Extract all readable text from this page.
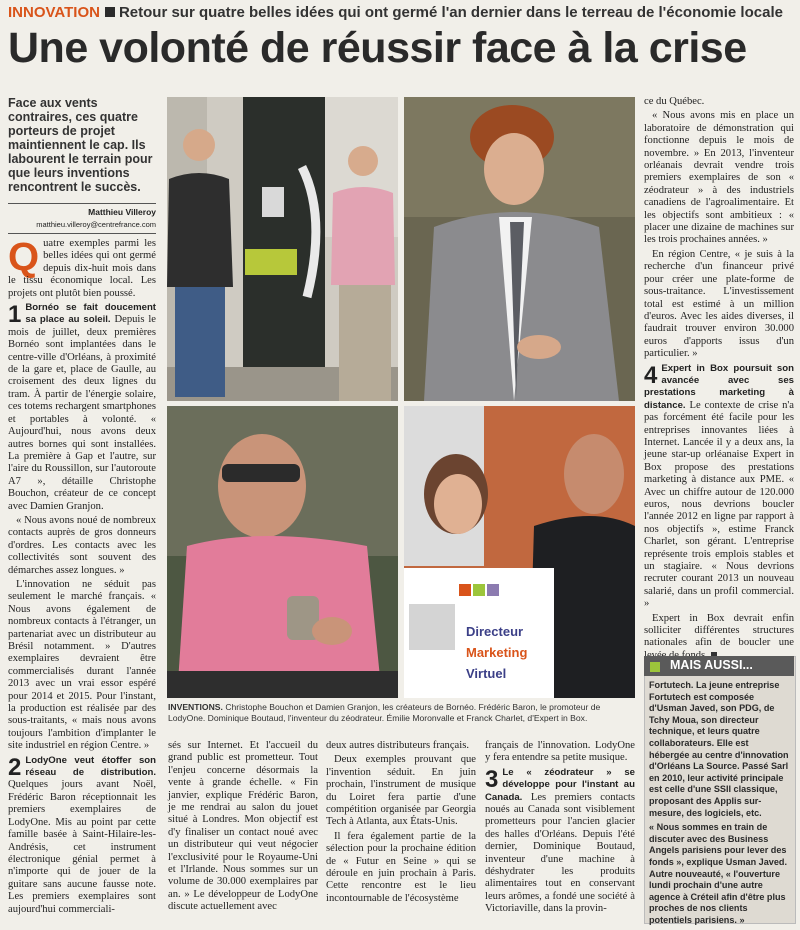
INNOVATION Retour sur quatre belles idées qui ont germé l'an dernier dans le terreau de l'économie locale
Une volonté de réussir face à la crise
Face aux vents contraires, ces quatre porteurs de projet maintiennent le cap. Ils labourent le terrain pour que leurs inventions rencontrent le succès.
Matthieu Villeroy
matthieu.villeroy@centrefrance.com

Quatre exemples parmi les belles idées qui ont germé depuis dix-huit mois dans le tissu économique local. Les projets ont plutôt bien poussé.

1 Bornéo se fait doucement sa place au soleil. Depuis le mois de juillet, deux premières Bornéo sont implantées dans le centre-ville d'Orléans, à proximité de la gare et, place de Gaulle, au croisement des deux lignes du tram. À partir de l'énergie solaire, ces totems rechargent smartphones et portables à volonté. « Aujourd'hui, nous avons deux autres bornes qui sont installées. La première à Gap et l'autre, sur l'aire du Roussillon, sur l'autoroute A7 », détaille Christophe Bouchon, créateur de ce concept avec Damien Granjon.

« Nous avons noué de nombreux contacts auprès de gros donneurs d'ordres. Les contacts avec les collectivités sont souvent des démarches assez longues. »

L'innovation ne séduit pas seulement le marché français. « Nous avons également de nombreux contacts à l'étranger, un partenariat avec un distributeur au Brésil notamment. » D'autres exemplaires devraient être commercialisés durant l'année 2013 avec un vrai essor espéré pour 2014 et 2015. Pour l'instant, la production est réalisée par des sous-traitants, « mais nous avons toujours l'ambition d'implanter le site industriel en région Centre. »

2 LodyOne veut étoffer son réseau de distribution. Quelques jours avant Noël, Frédéric Baron réceptionnait les premiers exemplaires de LodyOne. Mis au point par cette famille basée à Saint-Hilaire-les-Andrésis, cet instrument électronique génial permet à n'importe qui de jouer de la guitare sans aucune fausse note. Les premiers exemplaires sont aujourd'hui commerciali-

Directeur
Marketing
Virtuel
INVENTIONS. Christophe Bouchon et Damien Granjon, les créateurs de Bornéo. Frédéric Baron, le promoteur de LodyOne. Dominique Boutaud, l'inventeur du zéodrateur. Émilie Moronvalle et Franck Charlet, d'Expert in Box.

sés sur Internet. Et l'accueil du grand public est prometteur. Tout l'enjeu concerne désormais la vente à grande échelle. « Fin janvier, explique Frédéric Baron, je me rendrai au salon du jouet situé à Londres. Mon objectif est d'y finaliser un contact noué avec un distributeur qui veut négocier l'exclusivité pour le Royaume-Uni et l'Irlande. Nous sommes sur un volume de 30.000 exemplaires par an. » Le développeur de LodyOne discute actuellement avec

deux autres distributeurs français.

Deux exemples prouvant que l'invention séduit. En juin prochain, l'instrument de musique du Loiret fera partie d'une compétition organisée par Georgia Tech à Atlanta, aux États-Unis.

Il fera également partie de la sélection pour la prochaine édition de « Futur en Seine » qui se déroule en juin prochain à Paris. Cette rencontre est le lieu incontournable de l'écosystème

français de l'innovation. LodyOne y fera entendre sa petite musique.

3 Le « zéodrateur » se développe pour l'instant au Canada. Les premiers contacts noués au Canada sont visiblement prometteurs pour l'ancien glacier des halles d'Orléans. Depuis l'été dernier, Dominique Boutaud, inventeur d'une machine à déshydrater les produits alimentaires tout en conservant leurs arômes, a fondé une société à Victoriaville, dans la provin-

ce du Québec.

« Nous avons mis en place un laboratoire de démonstration qui fonctionne depuis le mois de novembre. » En 2013, l'inventeur orléanais devrait vendre trois premiers exemplaires de son « zéodrateur » à des industriels canadiens de l'agroalimentaire. Et les objectifs sont ambitieux : « placer une dizaine de machines sur les trois prochaines années. »

En région Centre, « je suis à la recherche d'un financeur privé pour créer une plate-forme de sous-traitance. L'investissement total est estimé à un million d'euros. Avec les aides diverses, il faudrait trouver environ 30.000 euros d'apports issus d'un particulier. »

4 Expert in Box poursuit son avancée avec ses prestations marketing à distance. Le contexte de crise n'a pas forcément été facile pour les entreprises innovantes liées à Internet. Lancée il y a deux ans, la jeune star-up orléanaise Expert in Box propose des prestations marketing à distance aux PME. « Avec un chiffre autour de 120.000 euros, nous devrions boucler l'année 2012 en ligne par rapport à nos objectifs », estime Franck Charlet, son gérant. L'entreprise représente trois emplois stables et un stagiaire. « Nous devrions recruter courant 2013 un nouveau salarié, dans un profil commercial. »

Expert in Box devrait enfin solliciter différentes structures nationales afin de boucler une

MAIS AUSSI...

Fortutech. La jeune entreprise Fortutech est composée d'Usman Javed, son PDG, de Tchy Moua, son directeur technique, et leurs quatre collaborateurs. Elle est hébergée au centre d'innovation d'Orléans La Source. Passé Sarl en 2010, leur activité principale est celle d'une SSII classique, proposant des Applis sur-mesure, des logiciels, etc.

« Nous sommes en train de discuter avec des Business Angels parisiens pour lever des fonds », explique Usman Javed. Autre nouveauté, « l'ouverture lundi prochain d'une autre agence à Créteil afin d'être plus proches de nos clients potentiels parisiens. »
